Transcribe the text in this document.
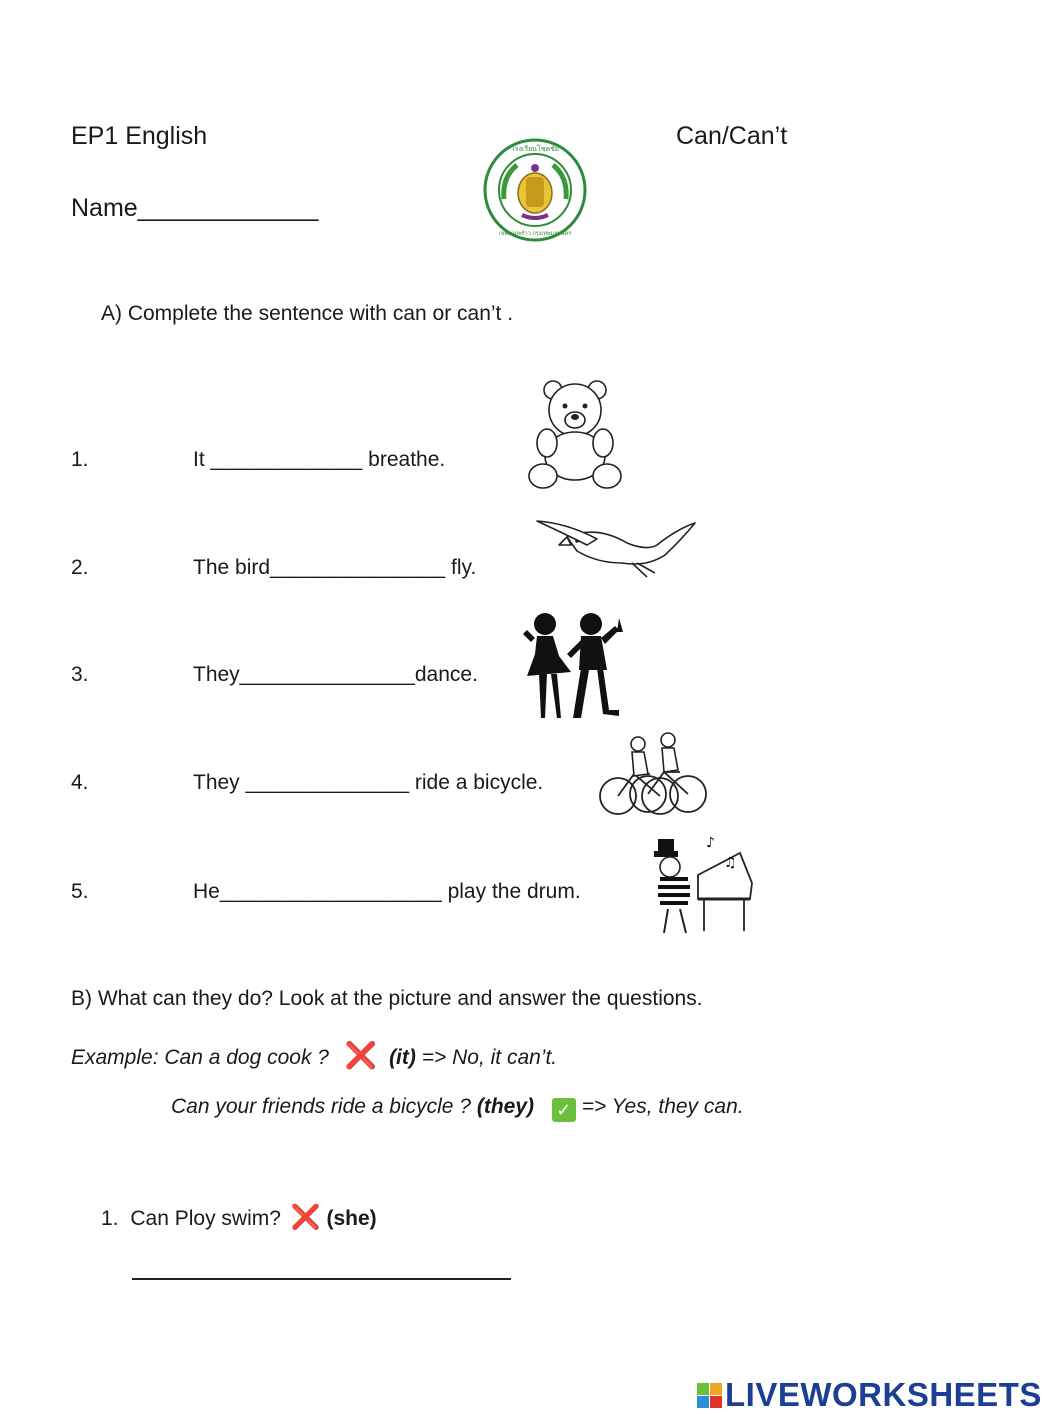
EP1 English	Can/Can’t
Name_____________
โรงเรียนโชคชัย
เขตลาดพร้าว กรุงเทพมหานคร
A) Complete the sentence with can or can’t .
1.	It _____________ breathe.
2.	The bird_______________ fly.
3.	They_______________dance.
4.	They ______________ ride a bicycle.
5.	He___________________ play the drum.
♪
♫
B) What can they do? Look at the picture and answer the questions.
Example: Can a dog cook ? ❌ (it) => No, it can’t.
Can your friends ride a bicycle ? (they) ✓ => Yes, they can.
1. Can Ploy swim? ❌ (she)
LIVEWORKSHEETS
